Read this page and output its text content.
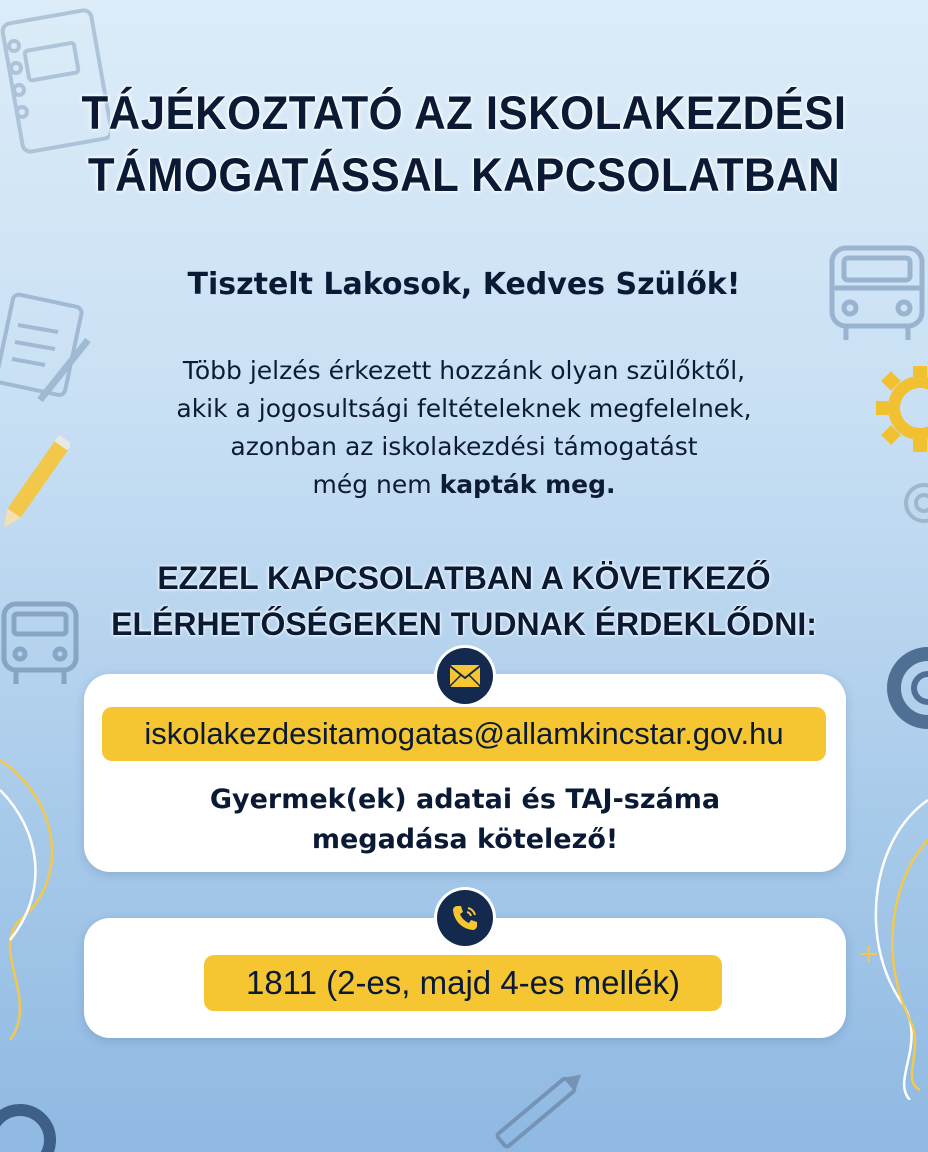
+
TÁJÉKOZTATÓ AZ ISKOLAKEZDÉSI
TÁMOGATÁSSAL KAPCSOLATBAN
Tisztelt Lakosok, Kedves Szülők!
Több jelzés érkezett hozzánk olyan szülőktől,
akik a jogosultsági feltételeknek megfelelnek,
azonban az iskolakezdési támogatást
még nem kapták meg.
EZZEL KAPCSOLATBAN A KÖVETKEZŐ
ELÉRHETŐSÉGEKEN TUDNAK ÉRDEKLŐDNI:
iskolakezdesitamogatas@allamkincstar.gov.hu
Gyermek(ek) adatai és TAJ-száma
megadása kötelező!
1811 (2-es, majd 4-es mellék)
